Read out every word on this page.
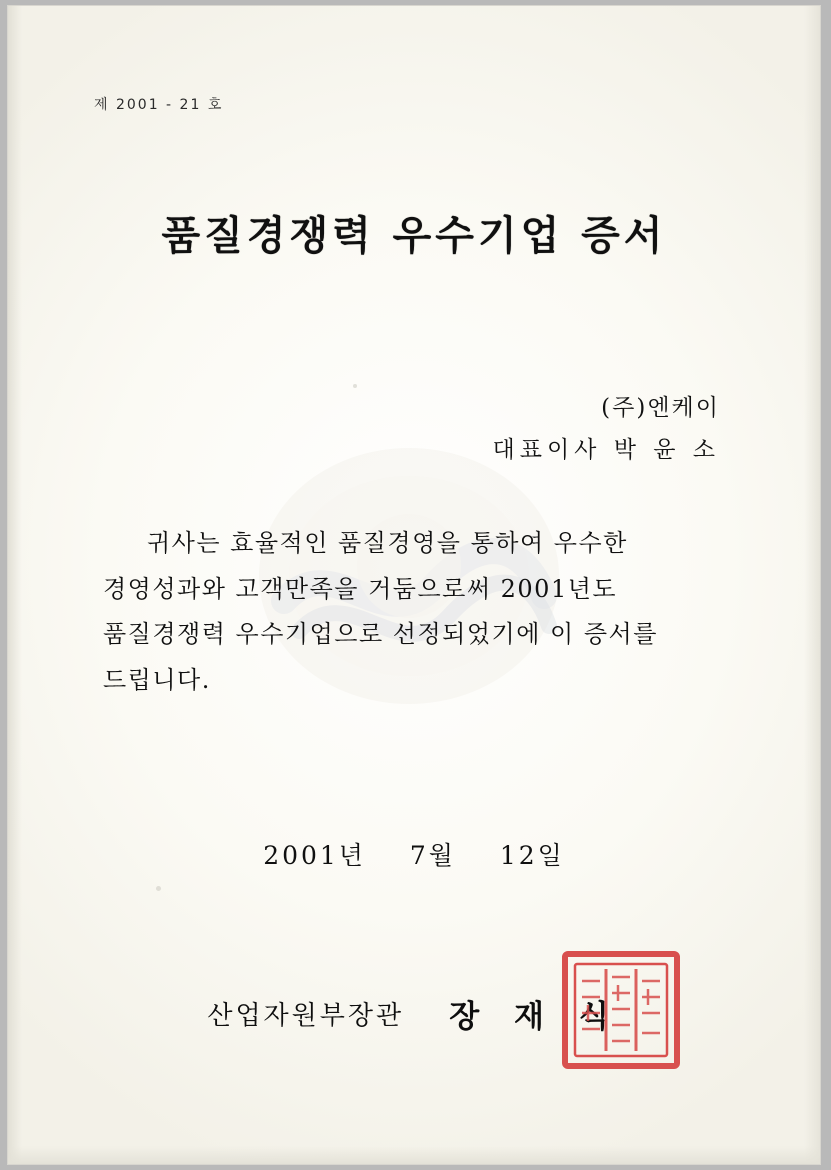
제 2001 - 21 호
품질경쟁력 우수기업 증서
(주)엔케이
대표이사 박 윤 소
귀사는 효율적인 품질경영을 통하여 우수한
경영성과와 고객만족을 거둠으로써 2001년도
품질경쟁력 우수기업으로 선정되었기에 이 증서를
드립니다.
2001년 7월 12일
산업자원부장관 장 재 식
